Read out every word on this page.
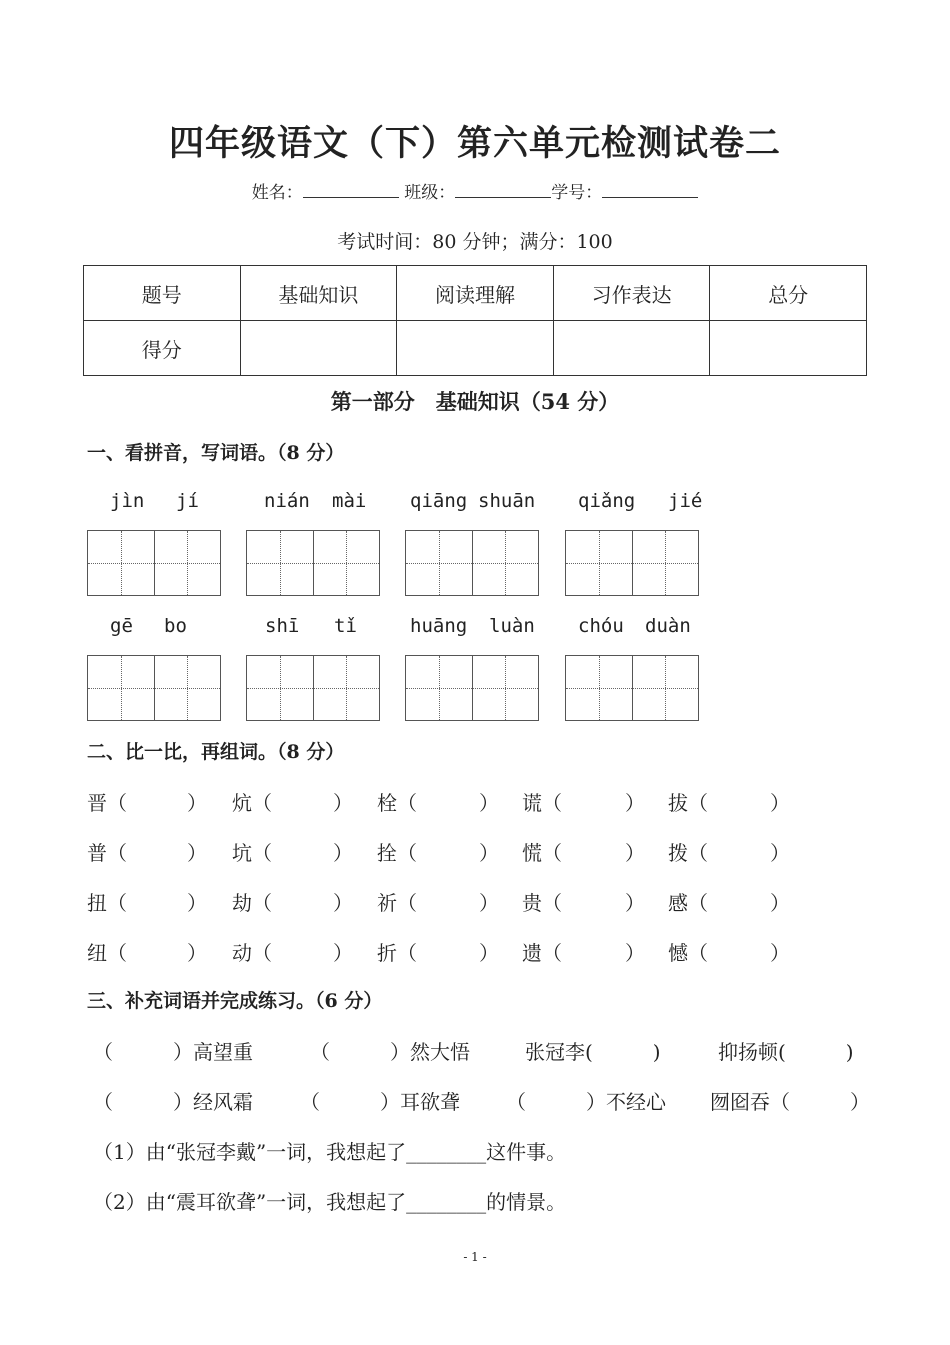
四年级语文（下）第六单元检测试卷二
姓名：	班级：	学号：
考试时间：80 分钟；满分：100
题号	基础知识	阅读理解	习作表达	总分
得分				
第一部分　基础知识（54 分）
一、看拼音，写词语。（8 分）
jìn jí	nián mài qiāng shuān qiǎng jié
gē bo	shī tǐ	huāng luàn chóu duàn
二、比一比，再组词。（8 分）
晋（	） 炕（	） 栓（	） 谎（	） 拔（	）
普（	） 坑（	） 拴（	） 慌（	） 拨（	）
扭（	） 劫（	） 祈（	） 贵（	） 感（	）
纽（	） 动（	） 折（	） 遗（	） 憾（	）
三、补充词语并完成练习。（6 分）
（　　　）高望重	（　　　）然大悟	张冠李(　　　)	抑扬顿(　　　)
（　　　）经风霜 （　　　）耳欲聋 （　　　）不经心 囫囵吞（　　　）
（1）由“张冠李戴”一词，我想起了________这件事。
（2）由“震耳欲聋”一词，我想起了________的情景。
- 1 -
